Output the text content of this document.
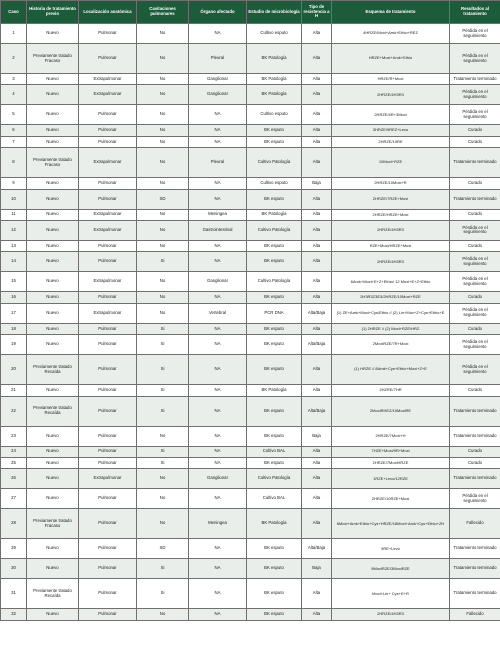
Caso	Historia de tratamiento previo	Localización anatómica	Cavitaciones pulmonares	Órgano afectado	Estudio de microbiología	Tipo de resistencia a H	Esquema de tratamiento	Resultados al tratamiento
1	Nuevo	Pulmonar	No	NA	Cultivo esputo	Alta	4HRZE/Moxi+Amk+Ethio+REZ	Pérdida en el seguimiento
2	Previamente tratado Fracaso	Pulmonar	No	Pleural	BK Patología	Alta	HRZE+Moxi+Amk+Ethio	Pérdida en el seguimiento
3	Nuevo	Extrapulmonar	No	Ganglionar	BK Patología	Alta	HRZE/R+Moxi	Tratamiento terminado
4	Nuevo	Extrapulmonar	No	Ganglionar	BK Patología	Alta	2HRZE/4H3R3	Pérdida en el seguimiento
5	Nuevo	Pulmonar	No	NA	Cultivo esputo	Alta	2HRZE/4R+3Moxi	Pérdida en el seguimiento
6	Nuevo	Pulmonar	No	NA	BK esputo	Alta	3HRZE/9REZ+Levo	Curado
7	Nuevo	Pulmonar	No	NA	BK esputo	Alta	2HRZE/10RE	Curado
8	Previamente tratado Fracaso	Extrapulmonar	No	Pleural	Cultivo Patología	Alta	10Moxi+RZE	Tratamiento terminado
9	Nuevo	Pulmonar	No	NA	Cultivo esputo	Baja	2HRZE/10Moxi+R	Curado
10	Nuevo	Pulmonar	SD	NA	BK esputo	Alta	2HRZE/7RZE+Moxi	Tratamiento terminado
11	Nuevo	Extrapulmonar	No	Meningea	BK Patología	Alta	2HRZE/HRZE+Moxi	Curado
12	Nuevo	Extrapulmonar	No	Gastrointestinal	Cultivo Patología	Alta	2HRZE/4H3R3	Pérdida en el seguimiento
13	Nuevo	Pulmonar	No	NA	BK esputo	Alta	RZE+Moxi/HRZE+Moxi	Curado
14	Nuevo	Pulmonar	Si	NA	BK esputo	Alta	2HRZE/4H3R3	Pérdida en el seguimiento
15	Nuevo	Extrapulmonar	No	Ganglionar	Cultivo Patología	Alta	6Amk+Moxi+E+Z+Ethio/ 12 Moxi+E+Z+Ethio	Pérdida en el seguimiento
16	Nuevo	Pulmonar	No	NA	BK esputo	Alta	2H3R3Z3E3/2HRZE/10Moxi+RZE	Curado
17	Nuevo	Extrapulmonar	No	Vertebral	PCR DNA	Alta/Baja	(1) ZE+Amk+Moxi+Cys/Ethio // (2) Lin+Mox+Z+Cys+Ethio+E	Pérdida en el seguimiento
18	Nuevo	Pulmonar	Si	NA	BK esputo	Alta	(1) 2HRZE // (2) Moxi+RZE/HRZ	Curado
19	Nuevo	Pulmonar	Si	NA	BK esputo	Alta/Baja	2MoxiRZE/7R+Moxi	Pérdida en el seguimiento
20	Previamente tratado Recaída	Pulmonar	Si	NA	BK esputo	Alta	(1) HRZE // 8Amk+Cys+Ethio+Moxi+Z+E	Pérdida en el seguimiento
21	Nuevo	Pulmonar	Si	NA	BK Patología	Alta	2HZRE/7HR	Curado
22	Previamente tratado Recaída	Pulmonar	Si	NA	BK esputo	Alta/Baja	2MoxiRHEZ/10MoxiRE	Tratamiento terminado
23	Nuevo	Pulmonar	No	NA	BK esputo	Baja	2HRZE/7Moxi+H	Tratamiento terminado
24	Nuevo	Pulmonar	Si	NA	Cultivo BAL	Alta	7HZE+Moxi/9R+Moxi	Curado
25	Nuevo	Pulmonar	Si	NA	BK esputo	Alta	2HRZE/7MoxiHRZE	Curado
26	Nuevo	Extrapulmonar	No	Ganglionar	Cultivo Patología	Alta	1RZE+Levo/12RZE	Tratamiento terminado
27	Nuevo	Pulmonar	No	NA	Cultivo BAL	Alta	2HRZE/10RZE+Moxi	Pérdida en el seguimiento
28	Previamente tratado Fracaso	Pulmonar	No	Meningea	BK Patología	Alta	6Moxi+Amk+Ethio+Cys+HRZE/18Moxi+Amk+Cys+Ethio+ZH	Fallecido
29	Nuevo	Pulmonar	SD	NA	BK esputo	Alta/Baja	9RE+Levo	Tratamiento terminado
30	Nuevo	Pulmonar	Si	NA	BK esputo	Baja	9MoxiRZE/3MoxiRZE	Tratamiento terminado
31	Previamente tratado Recaída	Pulmonar	Si	NA	BK esputo	Alta	Moxi+Lin+ Cys+E+R	Tratamiento terminado
32	Nuevo	Pulmonar	No	NA	BK esputo	Alta	2HRZE/4H3R3	Fallecido
